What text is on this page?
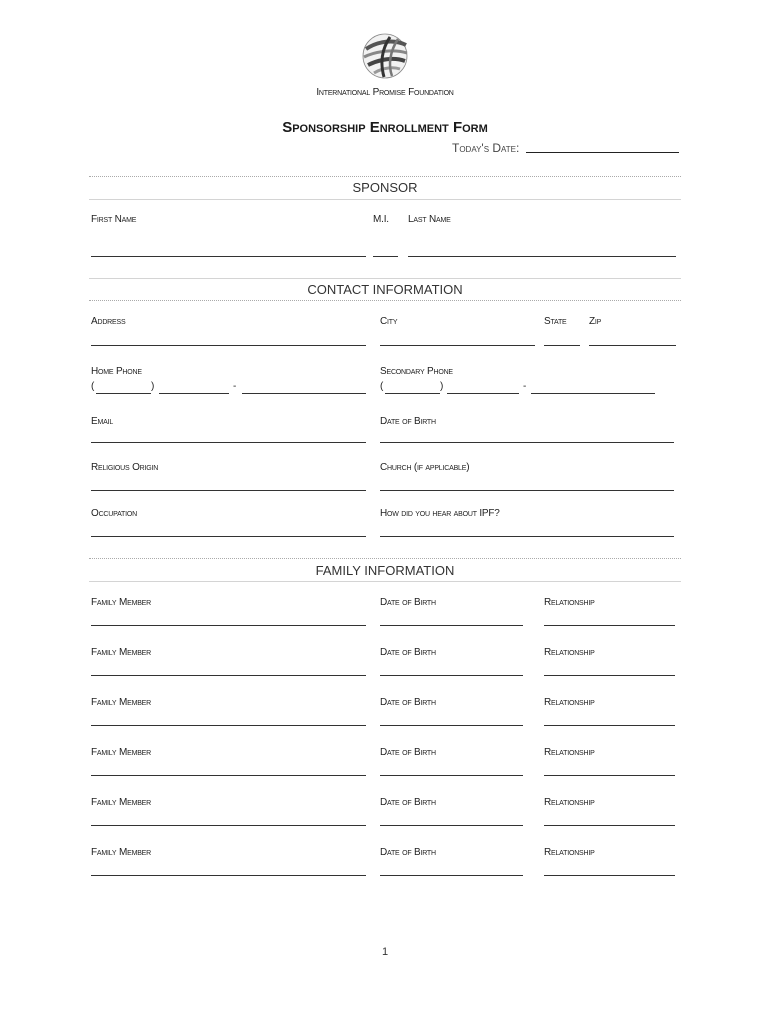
International Promise Foundation
Sponsorship Enrollment Form
Today's Date:
SPONSOR
First Name	M.I. Last Name
CONTACT INFORMATION
Address	City	State Zip
Home Phone	Secondary Phone
(	)	-	(	)	-
Email	Date of Birth
Religious Origin	Church (if applicable)
Occupation	How did you hear about IPF?
FAMILY INFORMATION
Family Member	Date of Birth	Relationship
Family Member	Date of Birth	Relationship
Family Member	Date of Birth	Relationship
Family Member	Date of Birth	Relationship
Family Member	Date of Birth	Relationship
Family Member	Date of Birth	Relationship
1
